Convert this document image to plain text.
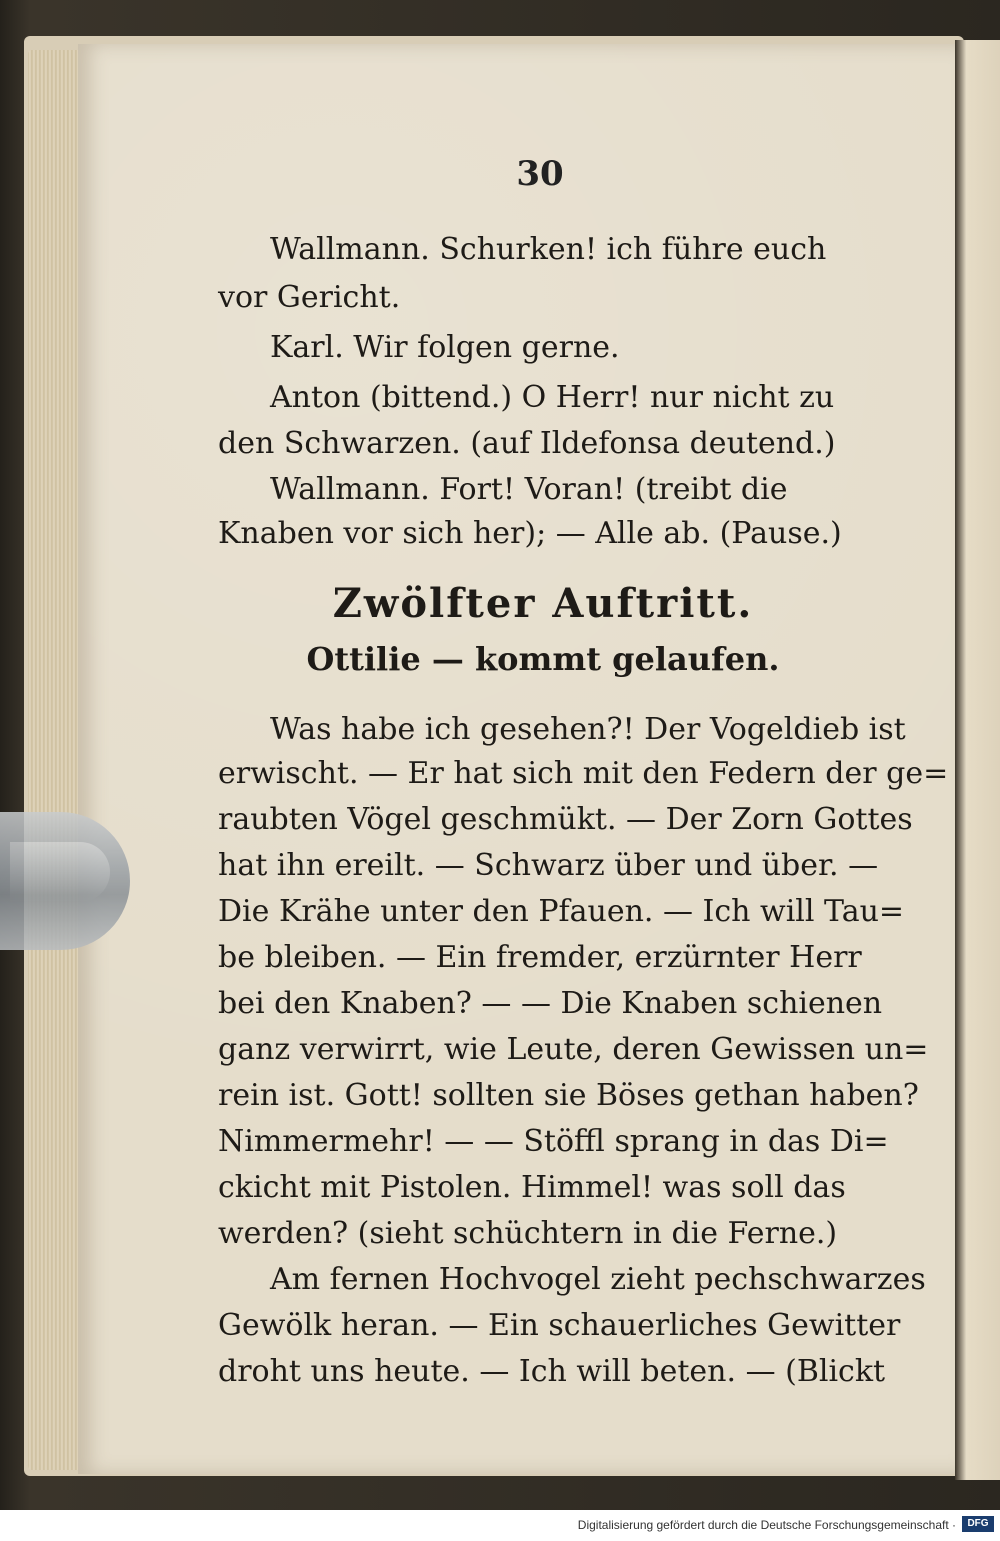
30
Wallmann. Schurken! ich führe euch
vor Gericht.
Karl. Wir folgen gerne.
Anton (bittend.) O Herr! nur nicht zu
den Schwarzen. (auf Ildefonsa deutend.)
Wallmann. Fort! Voran! (treibt die
Knaben vor sich her); — Alle ab. (Pause.)
Zwölfter Auftritt.
Ottilie — kommt gelaufen.
Was habe ich gesehen?! Der Vogeldieb ist
erwischt. — Er hat sich mit den Federn der ge=
raubten Vögel geschmükt. — Der Zorn Gottes
hat ihn ereilt. — Schwarz über und über. —
Die Krähe unter den Pfauen. — Ich will Tau=
be bleiben. — Ein fremder, erzürnter Herr
bei den Knaben? — — Die Knaben schienen
ganz verwirrt, wie Leute, deren Gewissen un=
rein ist. Gott! sollten sie Böses gethan haben?
Nimmermehr! — — Stöffl sprang in das Di=
ckicht mit Pistolen. Himmel! was soll das
werden? (sieht schüchtern in die Ferne.)
Am fernen Hochvogel zieht pechschwarzes
Gewölk heran. — Ein schauerliches Gewitter
droht uns heute. — Ich will beten. — (Blickt
Digitalisierung gefördert durch die Deutsche Forschungsgemeinschaft ·	DFG
